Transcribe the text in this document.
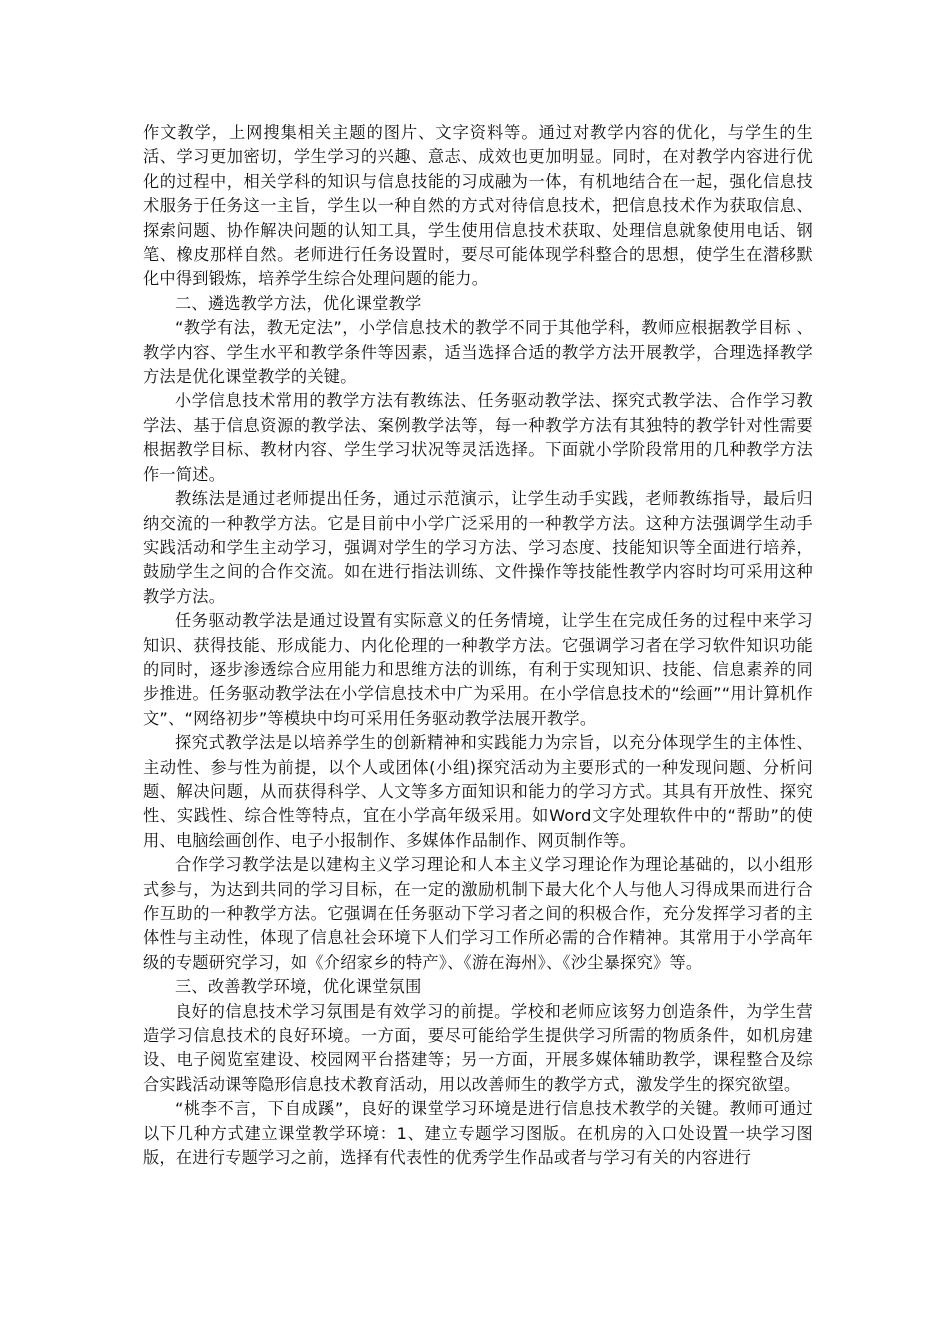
作文教学，上网搜集相关主题的图片、文字资料等。通过对教学内容的优化，与学生的生活、学习更加密切，学生学习的兴趣、意志、成效也更加明显。同时，在对教学内容进行优化的过程中，相关学科的知识与信息技能的习成融为一体，有机地结合在一起，强化信息技术服务于任务这一主旨，学生以一种自然的方式对待信息技术，把信息技术作为获取信息、探索问题、协作解决问题的认知工具，学生使用信息技术获取、处理信息就象使用电话、钢笔、橡皮那样自然。老师进行任务设置时，要尽可能体现学科整合的思想，使学生在潜移默化中得到锻炼，培养学生综合处理问题的能力。

二、遴选教学方法，优化课堂教学

“教学有法，教无定法”，小学信息技术的教学不同于其他学科，教师应根据教学目标 、教学内容、学生水平和教学条件等因素，适当选择合适的教学方法开展教学，合理选择教学方法是优化课堂教学的关键。

小学信息技术常用的教学方法有教练法、任务驱动教学法、探究式教学法、合作学习教学法、基于信息资源的教学法、案例教学法等，每一种教学方法有其独特的教学针对性需要根据教学目标、教材内容、学生学习状况等灵活选择。下面就小学阶段常用的几种教学方法作一简述。

教练法是通过老师提出任务，通过示范演示，让学生动手实践，老师教练指导，最后归纳交流的一种教学方法。它是目前中小学广泛采用的一种教学方法。这种方法强调学生动手实践活动和学生主动学习，强调对学生的学习方法、学习态度、技能知识等全面进行培养，鼓励学生之间的合作交流。如在进行指法训练、文件操作等技能性教学内容时均可采用这种教学方法。

任务驱动教学法是通过设置有实际意义的任务情境，让学生在完成任务的过程中来学习知识、获得技能、形成能力、内化伦理的一种教学方法。它强调学习者在学习软件知识功能的同时，逐步渗透综合应用能力和思维方法的训练，有利于实现知识、技能、信息素养的同步推进。任务驱动教学法在小学信息技术中广为采用。在小学信息技术的“绘画”“用计算机作文”、“网络初步”等模块中均可采用任务驱动教学法展开教学。

探究式教学法是以培养学生的创新精神和实践能力为宗旨，以充分体现学生的主体性、主动性、参与性为前提，以个人或团体(小组)探究活动为主要形式的一种发现问题、分析问题、解决问题，从而获得科学、人文等多方面知识和能力的学习方式。其具有开放性、探究性、实践性、综合性等特点，宜在小学高年级采用。如Word文字处理软件中的“帮助”的使用、电脑绘画创作、电子小报制作、多媒体作品制作、网页制作等。

合作学习教学法是以建构主义学习理论和人本主义学习理论作为理论基础的，以小组形式参与，为达到共同的学习目标，在一定的激励机制下最大化个人与他人习得成果而进行合作互助的一种教学方法。它强调在任务驱动下学习者之间的积极合作，充分发挥学习者的主体性与主动性，体现了信息社会环境下人们学习工作所必需的合作精神。其常用于小学高年级的专题研究学习，如《介绍家乡的特产》、《游在海州》、《沙尘暴探究》等。

三、改善教学环境，优化课堂氛围

良好的信息技术学习氛围是有效学习的前提。学校和老师应该努力创造条件，为学生营造学习信息技术的良好环境。一方面，要尽可能给学生提供学习所需的物质条件，如机房建设、电子阅览室建设、校园网平台搭建等；另一方面，开展多媒体辅助教学，课程整合及综合实践活动课等隐形信息技术教育活动，用以改善师生的教学方式，激发学生的探究欲望。

“桃李不言，下自成蹊”，良好的课堂学习环境是进行信息技术教学的关键。教师可通过以下几种方式建立课堂教学环境：1、建立专题学习图版。在机房的入口处设置一块学习图版，在进行专题学习之前，选择有代表性的优秀学生作品或者与学习有关的内容进行
